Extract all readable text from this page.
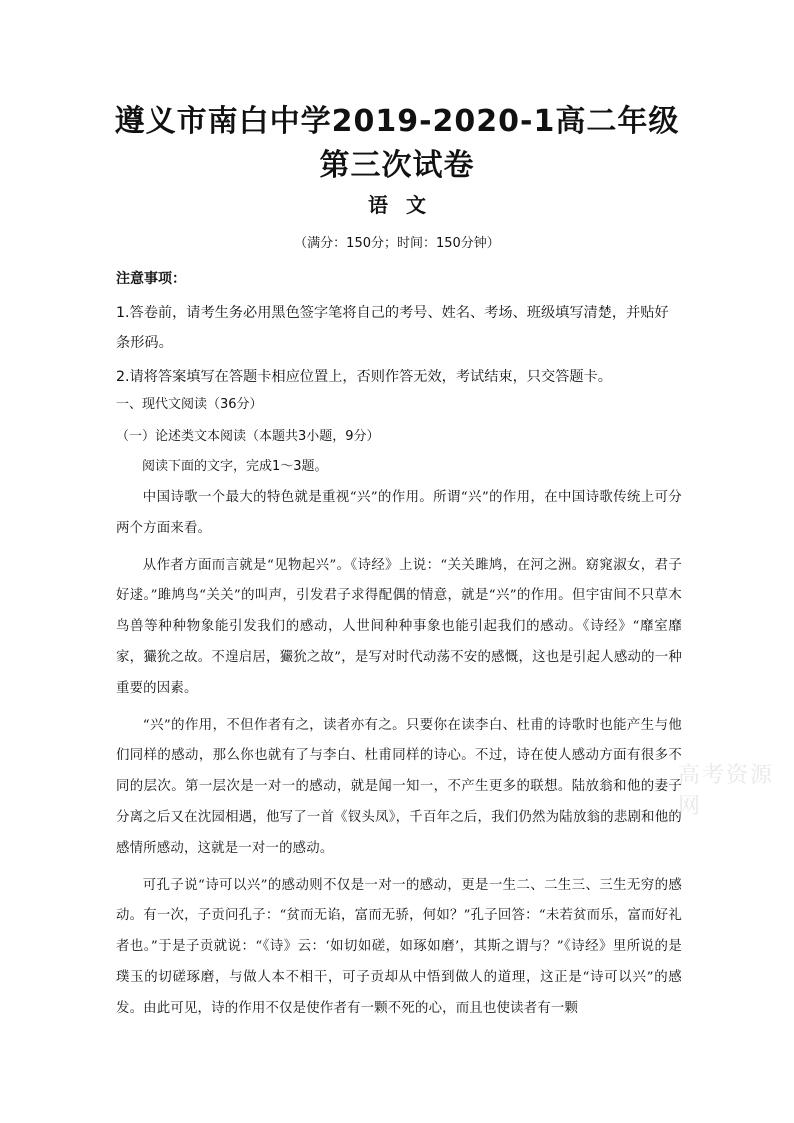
遵义市南白中学2019-2020-1高二年级第三次试卷
语文
（满分：150分；时间：150分钟）

注意事项：

1.答卷前，请考生务必用黑色签字笔将自己的考号、姓名、考场、班级填写清楚，并贴好条形码。

2.请将答案填写在答题卡相应位置上，否则作答无效，考试结束，只交答题卡。

一、现代文阅读（36分）
（一）论述类文本阅读（本题共3小题，9分）
阅读下面的文字，完成1～3题。

中国诗歌一个最大的特色就是重视“兴”的作用。所谓“兴”的作用，在中国诗歌传统上可分两个方面来看。

从作者方面而言就是“见物起兴”。《诗经》上说：“关关雎鸠，在河之洲。窈窕淑女，君子好逑。”雎鸠鸟“关关”的叫声，引发君子求得配偶的情意，就是“兴”的作用。但宇宙间不只草木鸟兽等种种物象能引发我们的感动，人世间种种事象也能引起我们的感动。《诗经》“靡室靡家，玁狁之故。不遑启居，玁狁之故”，是写对时代动荡不安的感慨，这也是引起人感动的一种重要的因素。

“兴”的作用，不但作者有之，读者亦有之。只要你在读李白、杜甫的诗歌时也能产生与他们同样的感动，那么你也就有了与李白、杜甫同样的诗心。不过，诗在使人感动方面有很多不同的层次。第一层次是一对一的感动，就是闻一知一，不产生更多的联想。陆放翁和他的妻子分离之后又在沈园相遇，他写了一首《钗头凤》，千百年之后，我们仍然为陆放翁的悲剧和他的感情所感动，这就是一对一的感动。

可孔子说“诗可以兴”的感动则不仅是一对一的感动，更是一生二、二生三、三生无穷的感动。有一次，子贡问孔子：“贫而无谄，富而无骄，何如？”孔子回答：“未若贫而乐，富而好礼者也。”于是子贡就说：“《诗》云：‘如切如磋，如琢如磨’，其斯之谓与？”《诗经》里所说的是璞玉的切磋琢磨，与做人本不相干，可子贡却从中悟到做人的道理，这正是“诗可以兴”的感发。由此可见，诗的作用不仅是使作者有一颗不死的心，而且也使读者有一颗

高考资源网
